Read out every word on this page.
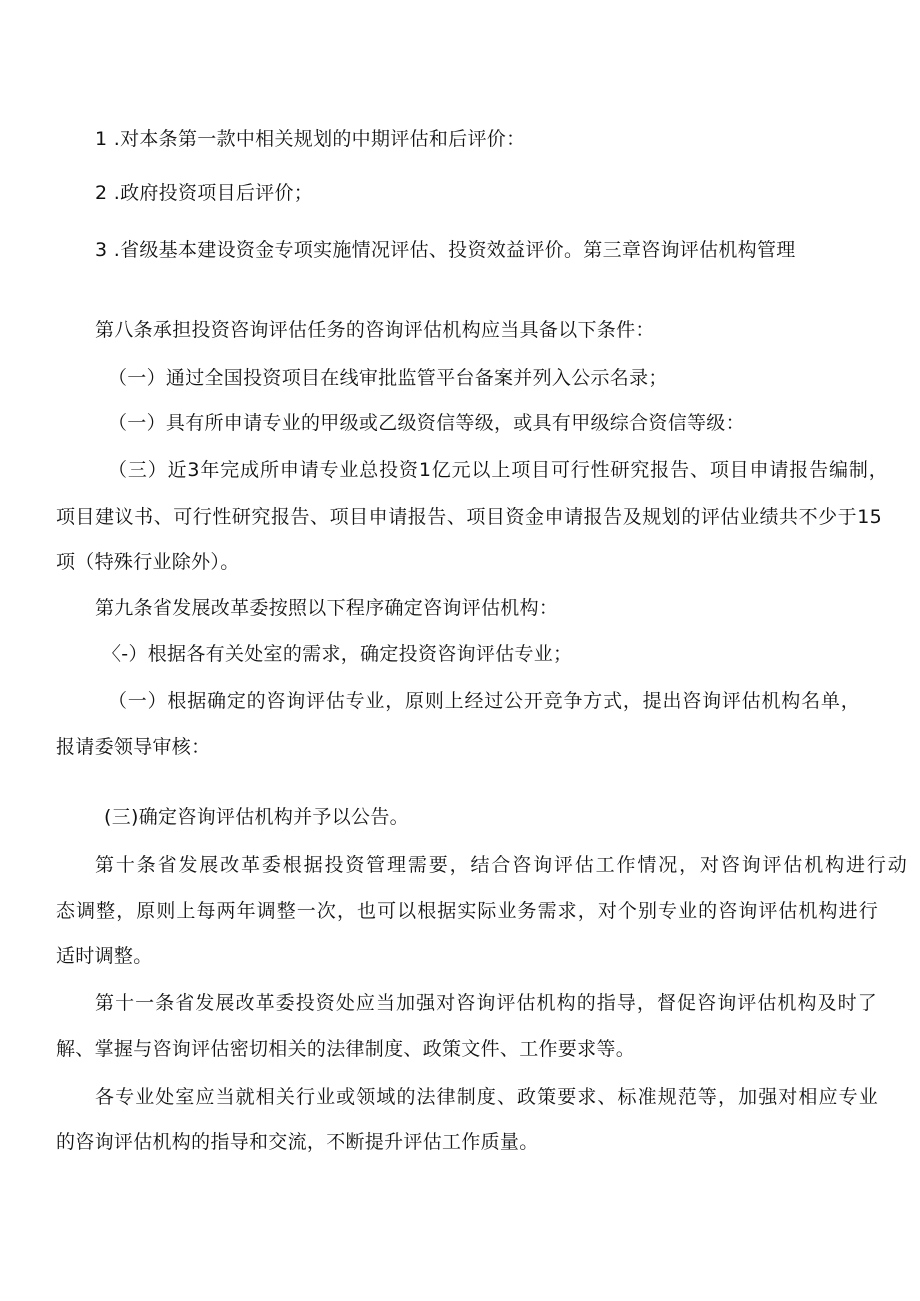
1 .对本条第一款中相关规划的中期评估和后评价：
2 .政府投资项目后评价；
3 .省级基本建设资金专项实施情况评估、投资效益评价。第三章咨询评估机构管理
第八条承担投资咨询评估任务的咨询评估机构应当具备以下条件：
（一）通过全国投资项目在线审批监管平台备案并列入公示名录；
（一）具有所申请专业的甲级或乙级资信等级，或具有甲级综合资信等级：
（三）近3年完成所申请专业总投资1亿元以上项目可行性研究报告、项目申请报告编制，
项目建议书、可行性研究报告、项目申请报告、项目资金申请报告及规划的评估业绩共不少于15
项（特殊行业除外）。
第九条省发展改革委按照以下程序确定咨询评估机构：
〈-）根据各有关处室的需求，确定投资咨询评估专业；
（一）根据确定的咨询评估专业，原则上经过公开竞争方式，提出咨询评估机构名单，
报请委领导审核：
(三)确定咨询评估机构并予以公告。
第十条省发展改革委根据投资管理需要，结合咨询评估工作情况，对咨询评估机构进行动
态调整，原则上每两年调整一次，也可以根据实际业务需求，对个别专业的咨询评估机构进行
适时调整。
第十一条省发展改革委投资处应当加强对咨询评估机构的指导，督促咨询评估机构及时了
解、掌握与咨询评估密切相关的法律制度、政策文件、工作要求等。
各专业处室应当就相关行业或领域的法律制度、政策要求、标准规范等，加强对相应专业
的咨询评估机构的指导和交流，不断提升评估工作质量。
